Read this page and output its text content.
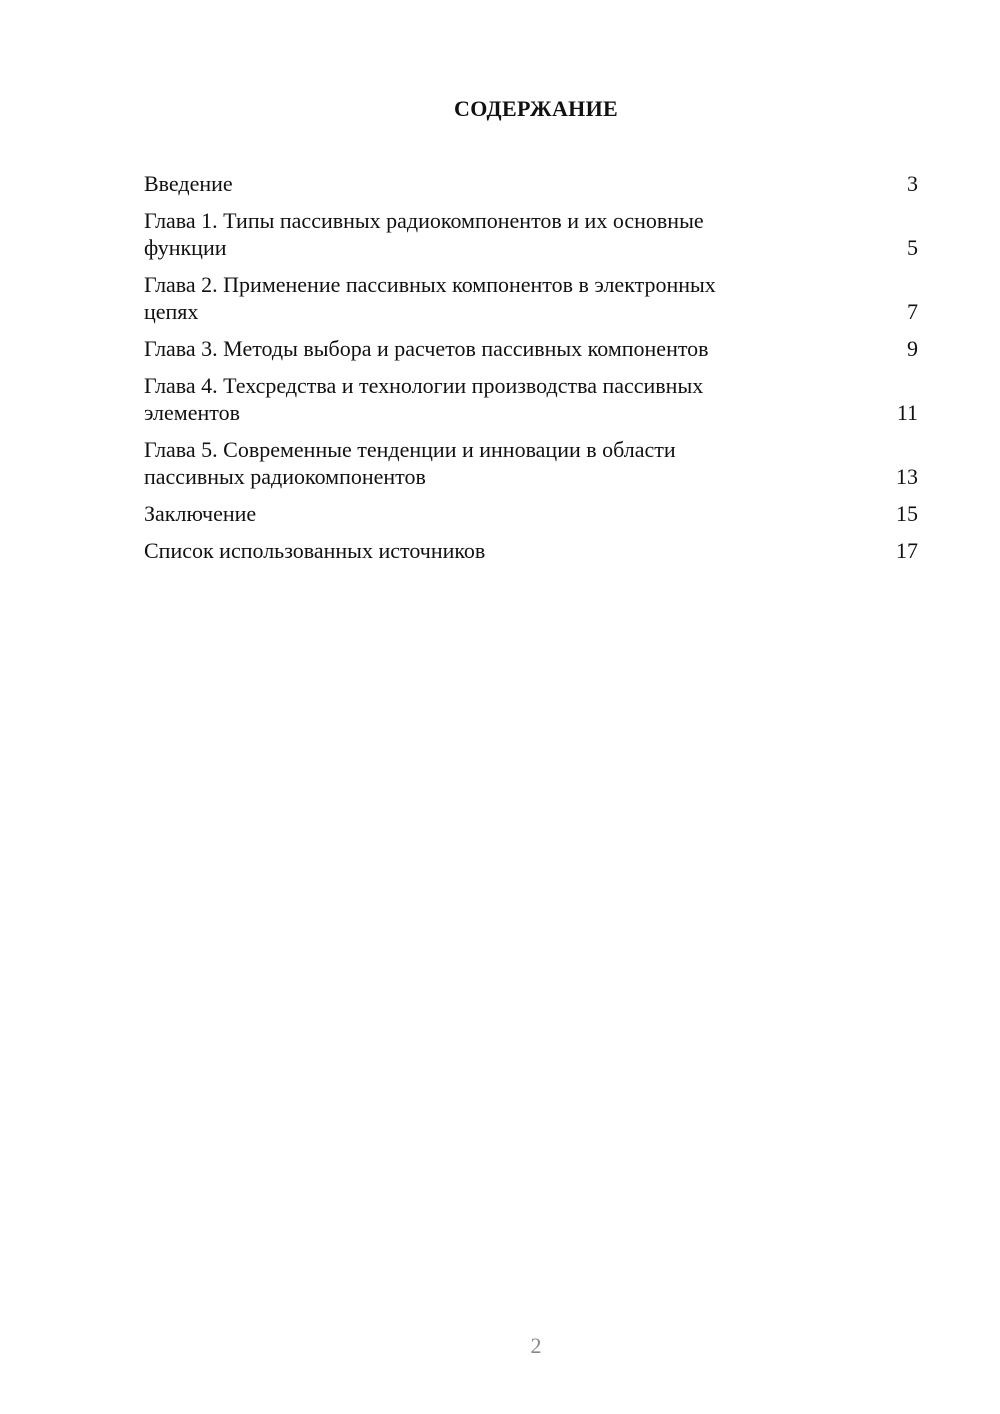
СОДЕРЖАНИЕ
Введение	3
Глава 1. Типы пассивных радиокомпонентов и их основные
функции	5
Глава 2. Применение пассивных компонентов в электронных
цепях	7
Глава 3. Методы выбора и расчетов пассивных компонентов	9
Глава 4. Техсредства и технологии производства пассивных
элементов	11
Глава 5. Современные тенденции и инновации в области
пассивных радиокомпонентов	13
Заключение	15
Список использованных источников	17
2
